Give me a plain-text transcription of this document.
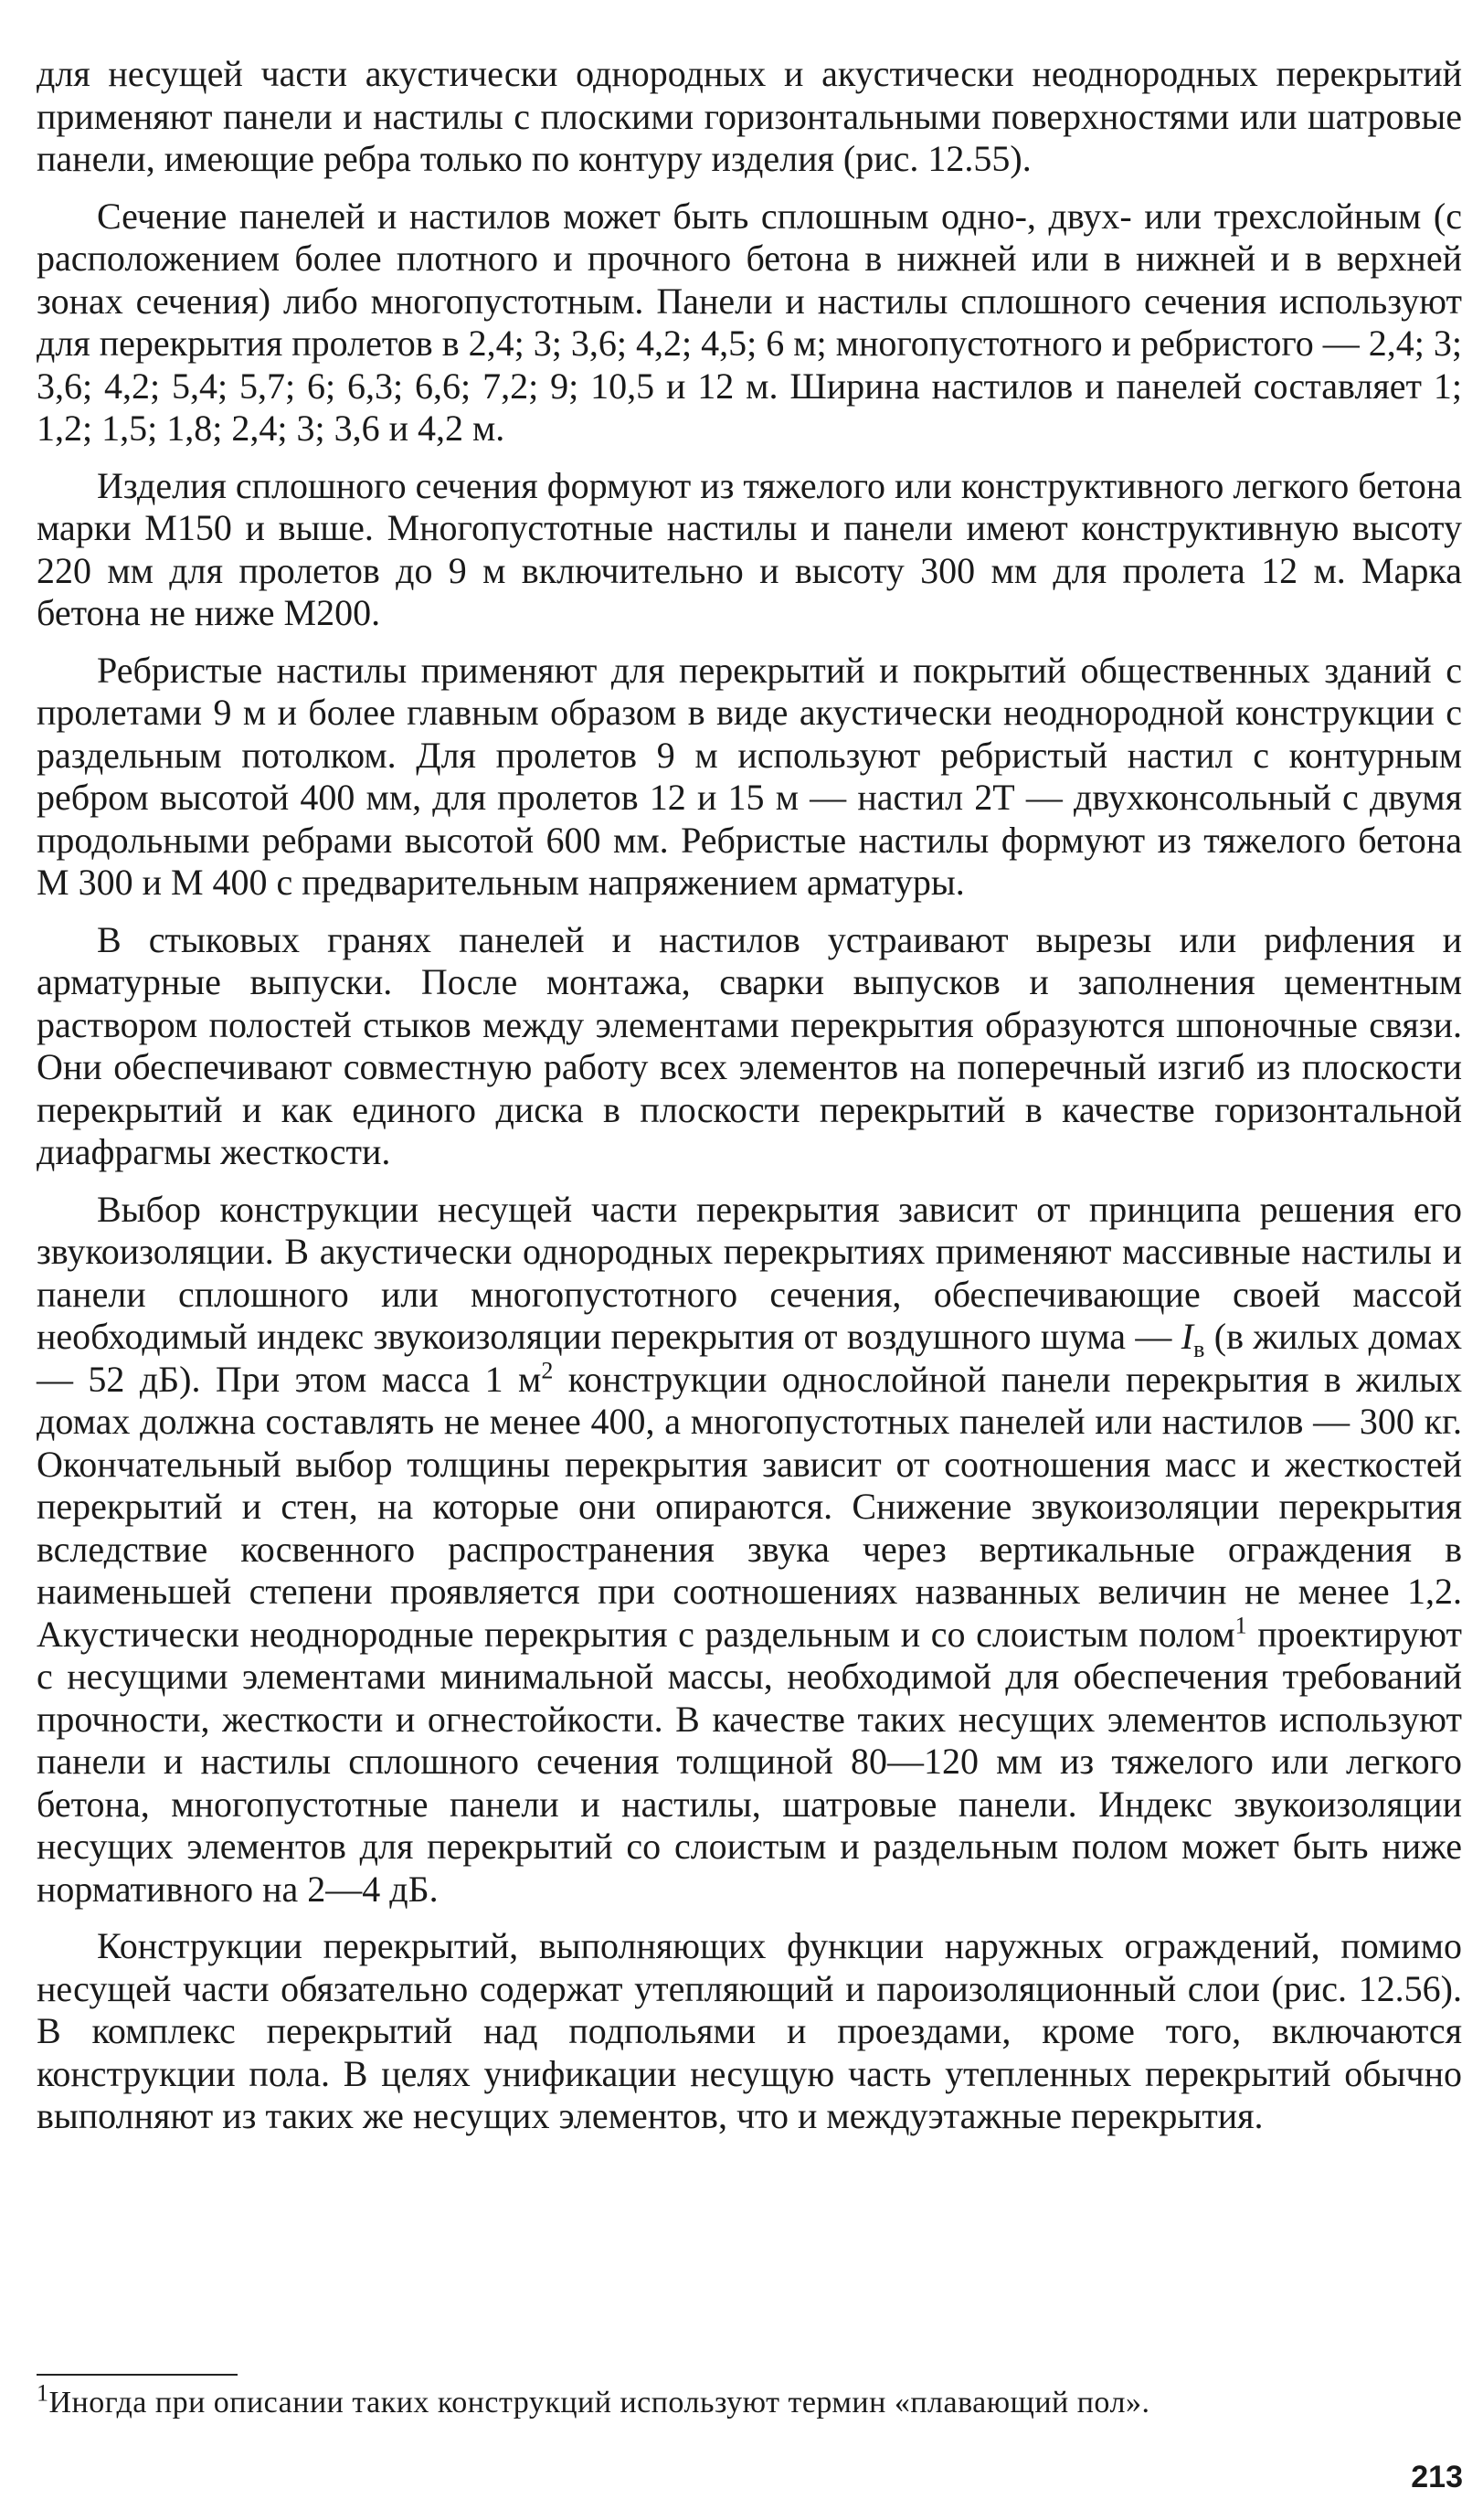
для несущей части акустически однородных и акустически неоднородных перекрытий применяют панели и настилы с плоскими горизонтальными поверхностями или шатровые панели, имеющие ребра только по контуру изделия (рис. 12.55).

Сечение панелей и настилов может быть сплошным одно-, двух- или трехслойным (с расположением более плотного и прочного бетона в нижней или в нижней и в верхней зонах сечения) либо многопустотным. Панели и настилы сплошного сечения используют для перекрытия пролетов в 2,4; 3; 3,6; 4,2; 4,5; 6 м; многопустотного и ребристого — 2,4; 3; 3,6; 4,2; 5,4; 5,7; 6; 6,3; 6,6; 7,2; 9; 10,5 и 12 м. Ширина настилов и панелей составляет 1; 1,2; 1,5; 1,8; 2,4; 3; 3,6 и 4,2 м.

Изделия сплошного сечения формуют из тяжелого или конструктивного легкого бетона марки М150 и выше. Многопустотные настилы и панели имеют конструктивную высоту 220 мм для пролетов до 9 м включительно и высоту 300 мм для пролета 12 м. Марка бетона не ниже М200.

Ребристые настилы применяют для перекрытий и покрытий общественных зданий с пролетами 9 м и более главным образом в виде акустически неоднородной конструкции с раздельным потолком. Для пролетов 9 м используют ребристый настил с контурным ребром высотой 400 мм, для пролетов 12 и 15 м — настил 2Т — двухконсольный с двумя продольными ребрами высотой 600 мм. Ребристые настилы формуют из тяжелого бетона М 300 и М 400 с предварительным напряжением арматуры.

В стыковых гранях панелей и настилов устраивают вырезы или рифления и арматурные выпуски. После монтажа, сварки выпусков и заполнения цементным раствором полостей стыков между элементами перекрытия образуются шпоночные связи. Они обеспечивают совместную работу всех элементов на поперечный изгиб из плоскости перекрытий и как единого диска в плоскости перекрытий в качестве горизонтальной диафрагмы жесткости.

Выбор конструкции несущей части перекрытия зависит от принципа решения его звукоизоляции. В акустически однородных перекрытиях применяют массивные настилы и панели сплошного или многопустотного сечения, обеспечивающие своей массой необходимый индекс звукоизоляции перекрытия от воздушного шума — $I_в$ (в жилых домах — 52 дБ). При этом масса 1 $м^2$ конструкции однослойной панели перекрытия в жилых домах должна составлять не менее 400, а многопустотных панелей или настилов — 300 кг. Окончательный выбор толщины перекрытия зависит от соотношения масс и жесткостей перекрытий и стен, на которые они опираются. Снижение звукоизоляции перекрытия вследствие косвенного распространения звука через вертикальные ограждения в наименьшей степени проявляется при соотношениях названных величин не менее 1,2. Акустически неоднородные перекрытия с раздельным и со слоистым полом$^1$ проектируют с несущими элементами минимальной массы, необходимой для обеспечения требований прочности, жесткости и огнестойкости. В качестве таких несущих элементов используют панели и настилы сплошного сечения толщиной 80—120 мм из тяжелого или легкого бетона, многопустотные панели и настилы, шатровые панели. Индекс звукоизоляции несущих элементов для перекрытий со слоистым и раздельным полом может быть ниже нормативного на 2—4 дБ.

Конструкции перекрытий, выполняющих функции наружных ограждений, помимо несущей части обязательно содержат утепляющий и пароизоляционный слои (рис. 12.56). В комплекс перекрытий над подпольями и проездами, кроме того, включаются конструкции пола. В целях унификации несущую часть утепленных перекрытий обычно выполняют из таких же несущих элементов, что и междуэтажные перекрытия.

$^1$Иногда при описании таких конструкций используют термин «плавающий пол».
213
